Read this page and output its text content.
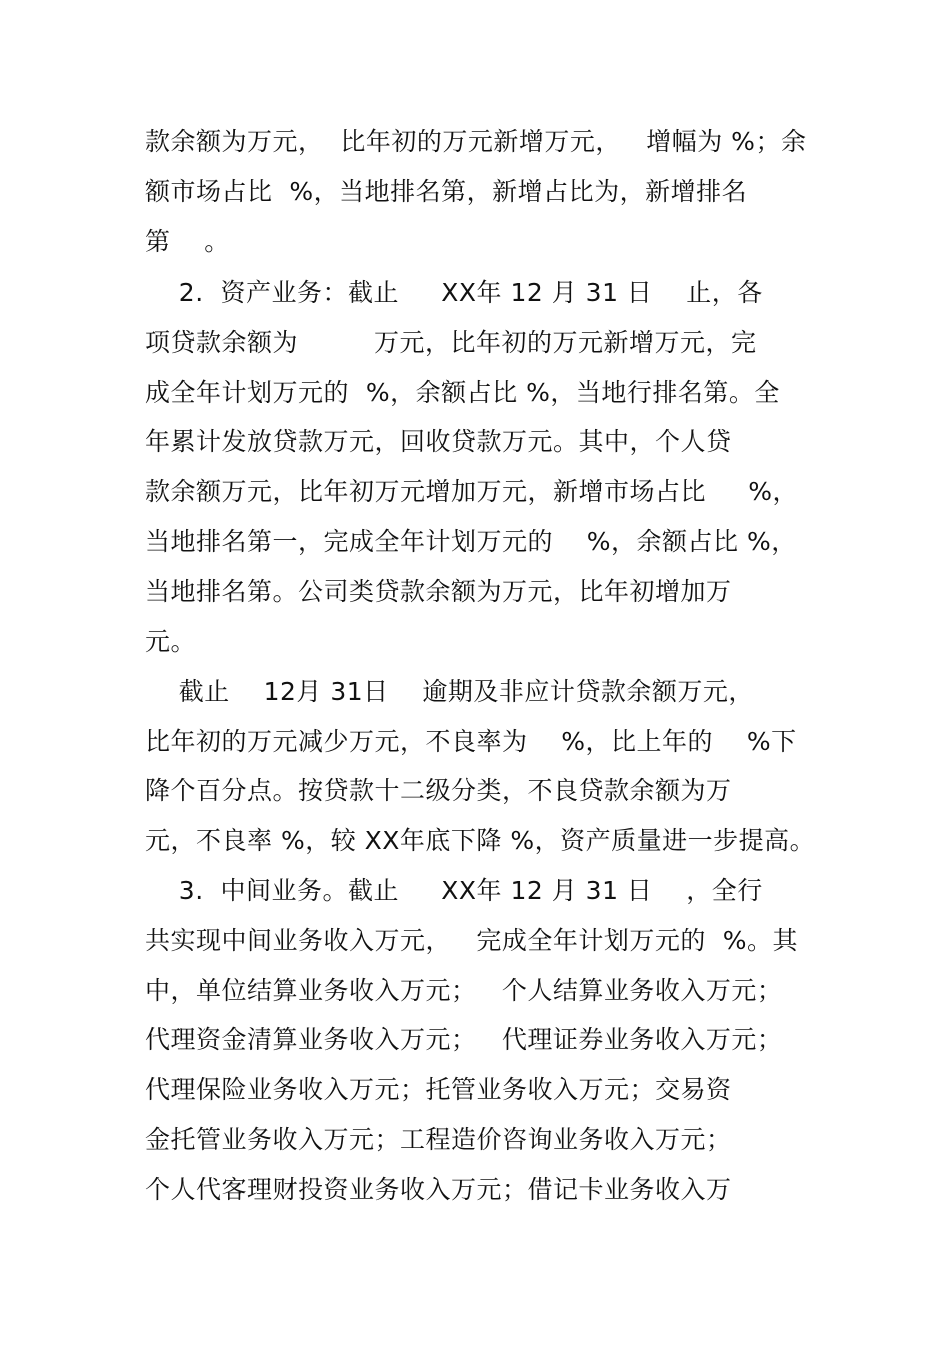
款余额为万元，  比年初的万元新增万元，   增幅为 %；余
额市场占比  %，当地排名第，新增占比为，新增排名
第    。
2.  资产业务：截止     XX年 12 月 31 日    止，各
项贷款余额为         万元，比年初的万元新增万元，完
成全年计划万元的  %，余额占比 %，当地行排名第。全
年累计发放贷款万元，回收贷款万元。其中，个人贷
款余额万元，比年初万元增加万元，新增市场占比     %，
当地排名第一，完成全年计划万元的    %，余额占比 %，
当地排名第。公司类贷款余额为万元，比年初增加万
元。
截止    12月 31日    逾期及非应计贷款余额万元，
比年初的万元减少万元，不良率为    %，比上年的    %下
降个百分点。按贷款十二级分类，不良贷款余额为万
元，不良率 %，较 XX年底下降 %，资产质量进一步提高。
3.  中间业务。截止     XX年 12 月 31 日    ，全行
共实现中间业务收入万元，   完成全年计划万元的  %。其
中，单位结算业务收入万元；   个人结算业务收入万元；
代理资金清算业务收入万元；   代理证券业务收入万元；
代理保险业务收入万元；托管业务收入万元；交易资
金托管业务收入万元；工程造价咨询业务收入万元；
个人代客理财投资业务收入万元；借记卡业务收入万
